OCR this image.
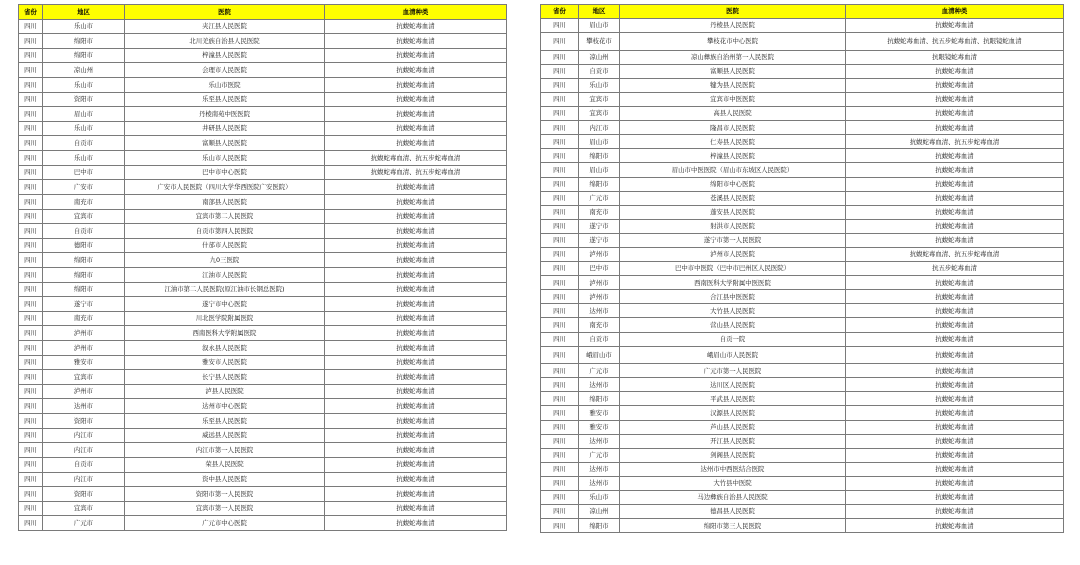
省份	地区	医院	血清种类
四川	乐山市	夹江县人民医院	抗蝮蛇毒血清
四川	绵阳市	北川羌族自治县人民医院	抗蝮蛇毒血清
四川	绵阳市	梓潼县人民医院	抗蝮蛇毒血清
四川	凉山州	会理市人民医院	抗蝮蛇毒血清
四川	乐山市	乐山市医院	抗蝮蛇毒血清
四川	资阳市	乐至县人民医院	抗蝮蛇毒血清
四川	眉山市	丹棱南苑中医医院	抗蝮蛇毒血清
四川	乐山市	井研县人民医院	抗蝮蛇毒血清
四川	自贡市	富顺县人民医院	抗蝮蛇毒血清
四川	乐山市	乐山市人民医院	抗蝮蛇毒血清、抗五步蛇毒血清
四川	巴中市	巴中市中心医院	抗蝮蛇毒血清、抗五步蛇毒血清
四川	广安市	广安市人民医院（四川大学华西医院广安医院）	抗蝮蛇毒血清
四川	南充市	南部县人民医院	抗蝮蛇毒血清
四川	宜宾市	宜宾市第二人民医院	抗蝮蛇毒血清
四川	自贡市	自贡市第四人民医院	抗蝮蛇毒血清
四川	德阳市	什邡市人民医院	抗蝮蛇毒血清
四川	绵阳市	九0三医院	抗蝮蛇毒血清
四川	绵阳市	江油市人民医院	抗蝮蛇毒血清
四川	绵阳市	江油市第二人民医院(原江油市长钢总医院)	抗蝮蛇毒血清
四川	遂宁市	遂宁市中心医院	抗蝮蛇毒血清
四川	南充市	川北医学院附属医院	抗蝮蛇毒血清
四川	泸州市	西南医科大学附属医院	抗蝮蛇毒血清
四川	泸州市	叙永县人民医院	抗蝮蛇毒血清
四川	雅安市	雅安市人民医院	抗蝮蛇毒血清
四川	宜宾市	长宁县人民医院	抗蝮蛇毒血清
四川	泸州市	泸县人民医院	抗蝮蛇毒血清
四川	达州市	达州市中心医院	抗蝮蛇毒血清
四川	资阳市	乐至县人民医院	抗蝮蛇毒血清
四川	内江市	威远县人民医院	抗蝮蛇毒血清
四川	内江市	内江市第一人民医院	抗蝮蛇毒血清
四川	自贡市	荣县人民医院	抗蝮蛇毒血清
四川	内江市	资中县人民医院	抗蝮蛇毒血清
四川	资阳市	资阳市第一人民医院	抗蝮蛇毒血清
四川	宜宾市	宜宾市第一人民医院	抗蝮蛇毒血清
四川	广元市	广元市中心医院	抗蝮蛇毒血清
省份	地区	医院	血清种类
四川	眉山市	丹棱县人民医院	抗蝮蛇毒血清
四川	攀枝花市	攀枝花市中心医院	抗蝮蛇毒血清、抗五步蛇毒血清、抗眼镜蛇血清
四川	凉山州	凉山彝族自治州第一人民医院	抗眼镜蛇毒血清
四川	自贡市	富顺县人民医院	抗蝮蛇毒血清
四川	乐山市	犍为县人民医院	抗蝮蛇毒血清
四川	宜宾市	宜宾市中医医院	抗蝮蛇毒血清
四川	宜宾市	高县人民医院	抗蝮蛇毒血清
四川	内江市	隆昌市人民医院	抗蝮蛇毒血清
四川	眉山市	仁寿县人民医院	抗蝮蛇毒血清、抗五步蛇毒血清
四川	绵阳市	梓潼县人民医院	抗蝮蛇毒血清
四川	眉山市	眉山市中医医院（眉山市东坡区人民医院）	抗蝮蛇毒血清
四川	绵阳市	绵阳市中心医院	抗蝮蛇毒血清
四川	广元市	苍溪县人民医院	抗蝮蛇毒血清
四川	南充市	蓬安县人民医院	抗蝮蛇毒血清
四川	遂宁市	射洪市人民医院	抗蝮蛇毒血清
四川	遂宁市	遂宁市第一人民医院	抗蝮蛇毒血清
四川	泸州市	泸州市人民医院	抗蝮蛇毒血清、抗五步蛇毒血清
四川	巴中市	巴中市中医院（巴中市巴州区人民医院）	抗五步蛇毒血清
四川	泸州市	西南医科大学附属中医医院	抗蝮蛇毒血清
四川	泸州市	合江县中医医院	抗蝮蛇毒血清
四川	达州市	大竹县人民医院	抗蝮蛇毒血清
四川	南充市	营山县人民医院	抗蝮蛇毒血清
四川	自贡市	自贡一院	抗蝮蛇毒血清
四川	峨眉山市	峨眉山市人民医院	抗蝮蛇毒血清
四川	广元市	广元市第一人民医院	抗蝮蛇毒血清
四川	达州市	达川区人民医院	抗蝮蛇毒血清
四川	绵阳市	平武县人民医院	抗蝮蛇毒血清
四川	雅安市	汉源县人民医院	抗蝮蛇毒血清
四川	雅安市	芦山县人民医院	抗蝮蛇毒血清
四川	达州市	开江县人民医院	抗蝮蛇毒血清
四川	广元市	剑阁县人民医院	抗蝮蛇毒血清
四川	达州市	达州市中西医结合医院	抗蝮蛇毒血清
四川	达州市	大竹县中医院	抗蝮蛇毒血清
四川	乐山市	马边彝族自治县人民医院	抗蝮蛇毒血清
四川	凉山州	德昌县人民医院	抗蝮蛇毒血清
四川	绵阳市	绵阳市第三人民医院	抗蝮蛇毒血清
